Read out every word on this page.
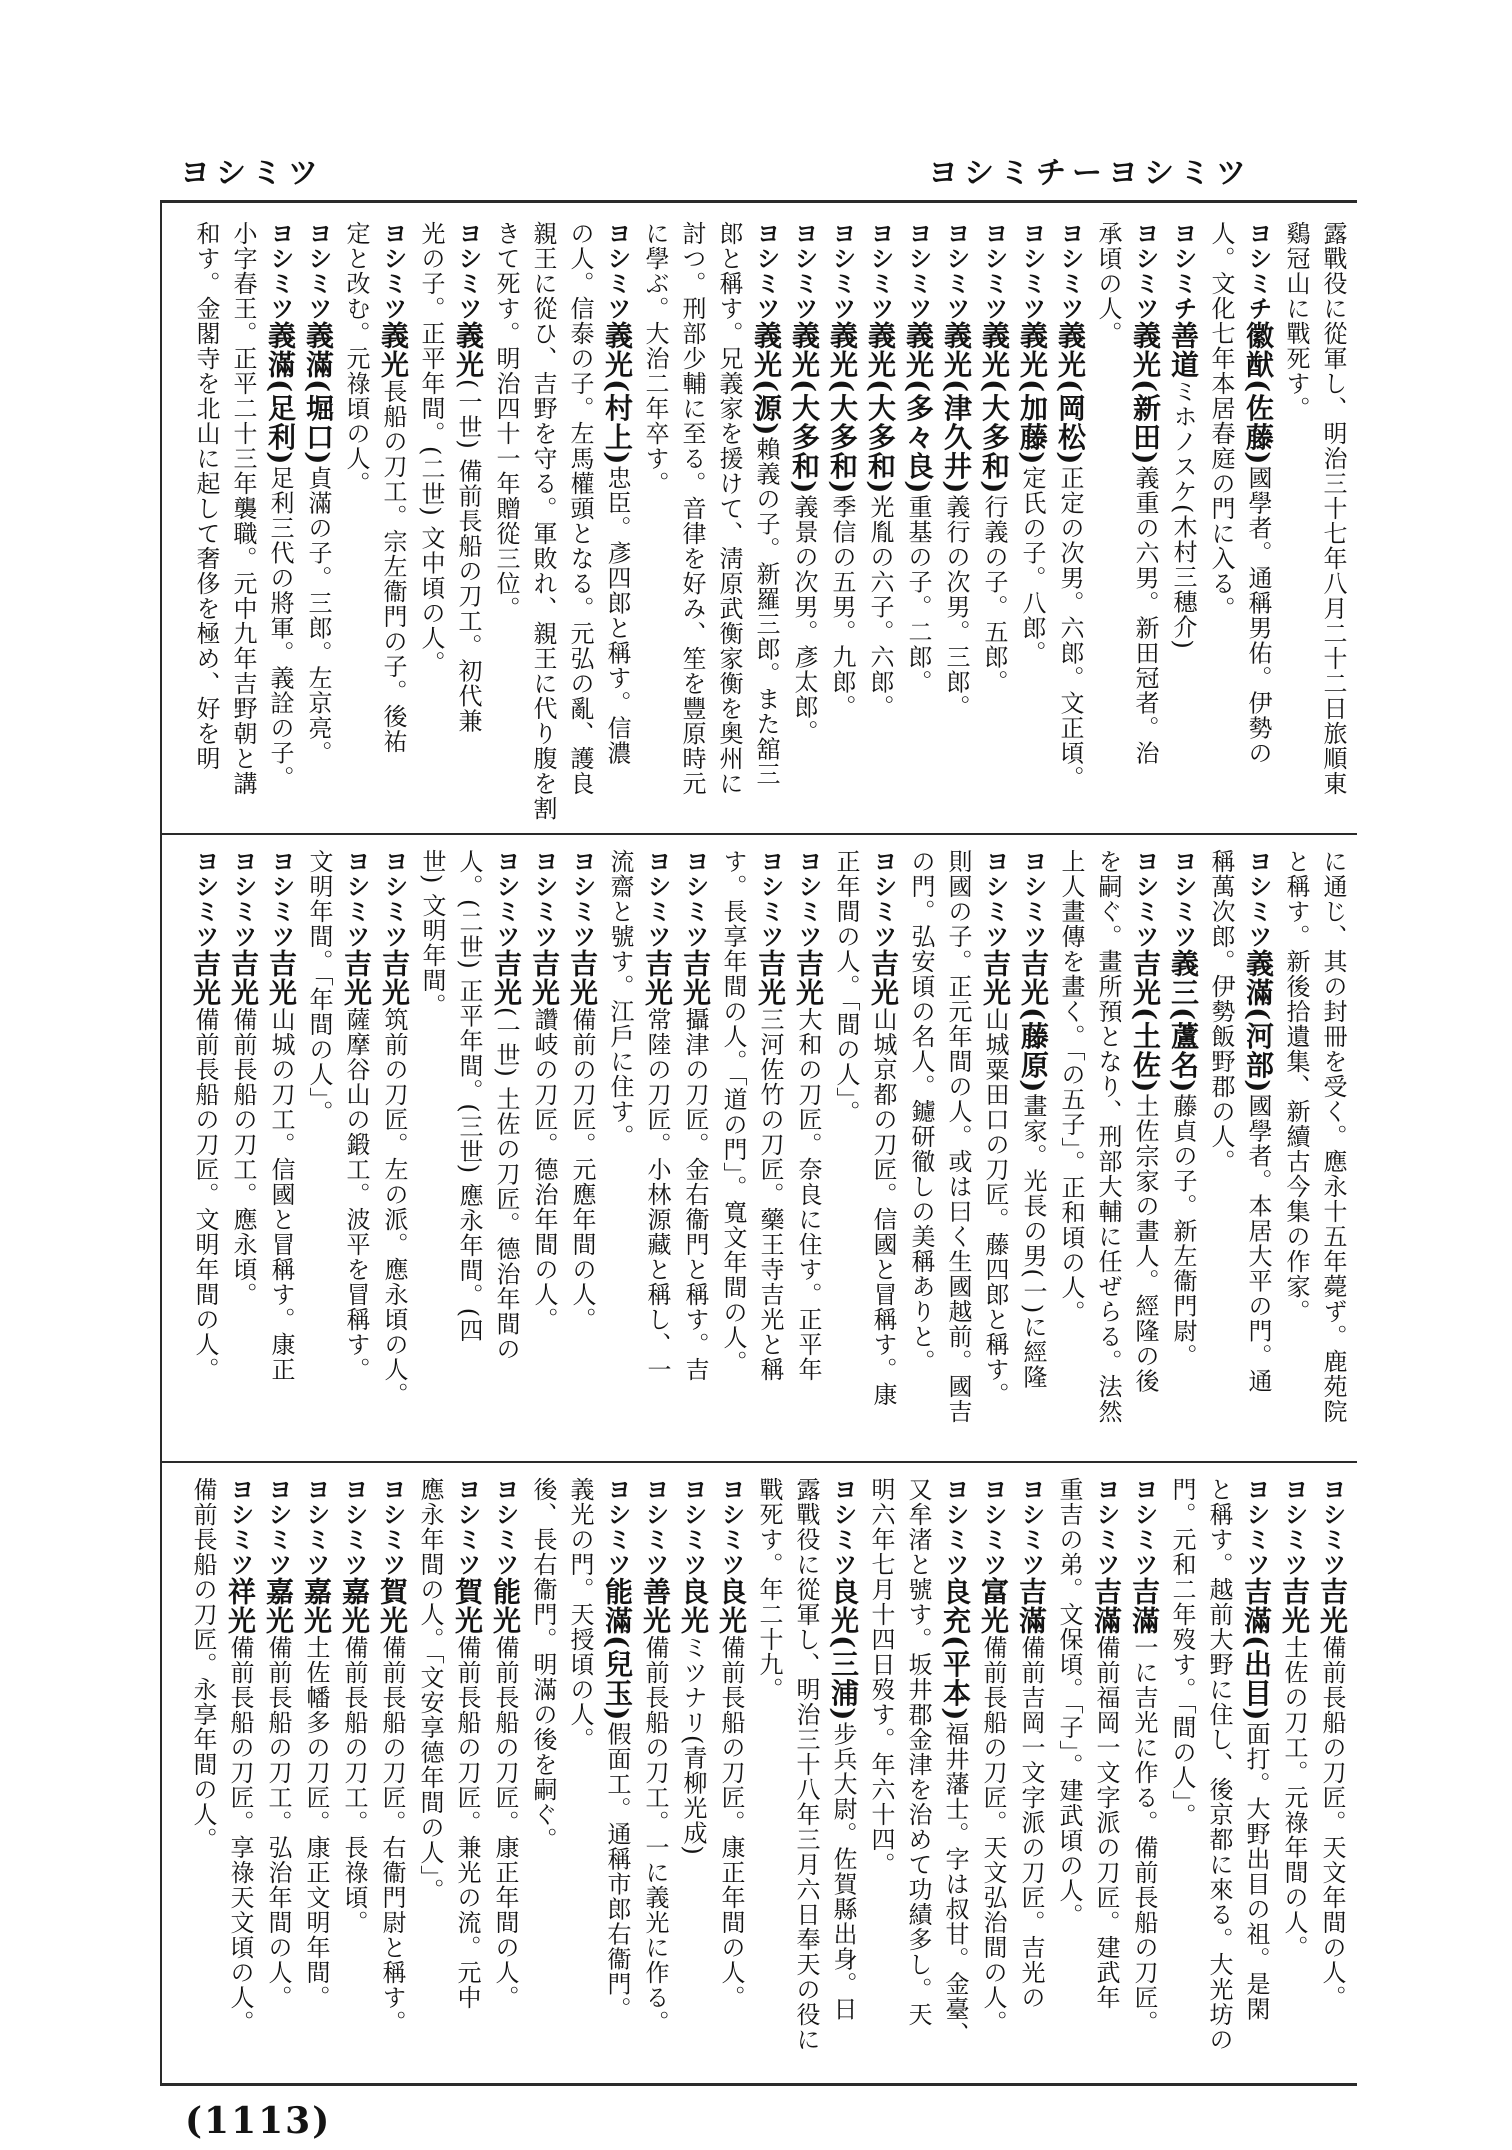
ヨシミツ	ヨシミチーヨシミツ
露戰役に從軍し、明治三十七年八月二十二日旅順東
鷄冠山に戰死す。
ヨシミチ徽猷(佐藤)國學者。通稱男佑。伊勢の
人。文化七年本居春庭の門に入る。
ヨシミチ善道ミホノスケ(木村三穗介)
ヨシミツ義光(新田)義重の六男。新田冠者。治
承頃の人。
ヨシミツ義光(岡松)正定の次男。六郎。文正頃。
ヨシミツ義光(加藤)定氏の子。八郎。
ヨシミツ義光(大多和)行義の子。五郎。
ヨシミツ義光(津久井)義行の次男。三郎。
ヨシミツ義光(多々良)重基の子。二郎。
ヨシミツ義光(大多和)光胤の六子。六郎。
ヨシミツ義光(大多和)季信の五男。九郎。
ヨシミツ義光(大多和)義景の次男。彥太郎。
ヨシミツ義光(源)賴義の子。新羅三郎。また舘三
郎と稱す。兄義家を援けて、淸原武衡家衡を奥州に
討つ。刑部少輔に至る。音律を好み、笙を豐原時元
に學ぶ。大治二年卒す。
ヨシミツ義光(村上)忠臣。彥四郎と稱す。信濃
の人。信泰の子。左馬權頭となる。元弘の亂、護良
親王に從ひ、吉野を守る。軍敗れ、親王に代り腹を割
きて死す。明治四十一年贈從三位。
ヨシミツ義光(一世) 備前長船の刀工。初代兼
光の子。正平年間。(二世) 文中頃の人。
ヨシミツ義光長船の刀工。宗左衞門の子。後祐
定と改む。元祿頃の人。
ヨシミツ義滿(堀口)貞滿の子。三郎。左京亮。
ヨシミツ義滿(足利)足利三代の將軍。義詮の子。
小字春王。正平二十三年襲職。元中九年吉野朝と講
和す。金閣寺を北山に起して奢侈を極め、好を明
に通じ、其の封冊を受く。應永十五年薨ず。鹿苑院
と稱す。新後拾遺集、新續古今集の作家。
ヨシミツ義滿(河部)國學者。本居大平の門。通
稱萬次郎。伊勢飯野郡の人。
ヨシミツ義三(蘆名)藤貞の子。新左衞門尉。
ヨシミツ吉光(土佐)土佐宗家の畫人。經隆の後
を嗣ぐ。畫所預となり、刑部大輔に任ぜらる。法然
上人畫傳を畫く。「の五子」。正和頃の人。
ヨシミツ吉光(藤原)畫家。光長の男(一)に經隆
ヨシミツ吉光山城粟田口の刀匠。藤四郎と稱す。
則國の子。正元年間の人。或は曰く生國越前。國吉
の門。弘安頃の名人。鑢研徹しの美稱ありと。
ヨシミツ吉光山城京都の刀匠。信國と冒稱す。康
正年間の人。「間の人」。
ヨシミツ吉光大和の刀匠。奈良に住す。正平年
ヨシミツ吉光三河佐竹の刀匠。藥王寺吉光と稱
す。長享年間の人。「道の門」。寬文年間の人。
ヨシミツ吉光攝津の刀匠。金右衞門と稱す。吉
ヨシミツ吉光常陸の刀匠。小林源藏と稱し、一
流齋と號す。江戶に住す。
ヨシミツ吉光備前の刀匠。元應年間の人。
ヨシミツ吉光讚岐の刀匠。德治年間の人。
ヨシミツ吉光(一世) 土佐の刀匠。德治年間の
人。(二世) 正平年間。(三世) 應永年間。(四
世) 文明年間。
ヨシミツ吉光筑前の刀匠。左の派。應永頃の人。
ヨシミツ吉光薩摩谷山の鍛工。波平を冒稱す。
文明年間。「年間の人」。
ヨシミツ吉光山城の刀工。信國と冒稱す。康正
ヨシミツ吉光備前長船の刀工。應永頃。
ヨシミツ吉光備前長船の刀匠。文明年間の人。
ヨシミツ吉光備前長船の刀匠。天文年間の人。
ヨシミツ吉光土佐の刀工。元祿年間の人。
ヨシミツ吉滿(出目)面打。大野出目の祖。是閑
と稱す。越前大野に住し、後京都に來る。大光坊の
門。元和二年歿す。「間の人」。
ヨシミツ吉滿一に吉光に作る。備前長船の刀匠。
ヨシミツ吉滿備前福岡一文字派の刀匠。建武年
重吉の弟。文保頃。「子」。建武頃の人。
ヨシミツ吉滿備前吉岡一文字派の刀匠。吉光の
ヨシミツ富光備前長船の刀匠。天文弘治間の人。
ヨシミツ良充(平本)福井藩士。字は叔甘。金臺、
又牟渚と號す。坂井郡金津を治めて功績多し。天
明六年七月十四日歿す。年六十四。
ヨシミツ良光(三浦)步兵大尉。佐賀縣出身。日
露戰役に從軍し、明治三十八年三月六日奉天の役に
戰死す。年二十九。
ヨシミツ良光備前長船の刀匠。康正年間の人。
ヨシミツ良光ミツナリ(青柳光成)
ヨシミツ善光備前長船の刀工。一に義光に作る。
ヨシミツ能滿(兒玉)假面工。通稱市郎右衞門。
義光の門。天授頃の人。
後、長右衞門。明滿の後を嗣ぐ。
ヨシミツ能光備前長船の刀匠。康正年間の人。
ヨシミツ賀光備前長船の刀匠。兼光の流。元中
應永年間の人。「文安享德年間の人」。
ヨシミツ賀光備前長船の刀匠。右衞門尉と稱す。
ヨシミツ嘉光備前長船の刀工。長祿頃。
ヨシミツ嘉光土佐幡多の刀匠。康正文明年間。
ヨシミツ嘉光備前長船の刀工。弘治年間の人。
ヨシミツ祥光備前長船の刀匠。享祿天文頃の人。
備前長船の刀匠。永享年間の人。
(1113)
